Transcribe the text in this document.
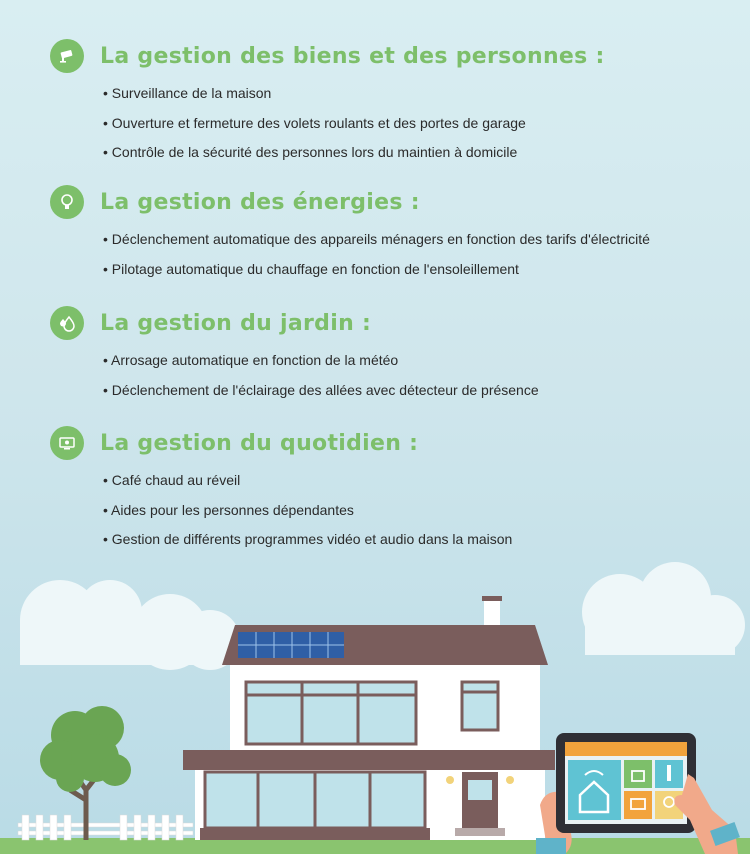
La gestion des biens et des personnes :
• Surveillance de la maison
• Ouverture et fermeture des volets roulants et des portes de garage
• Contrôle de la sécurité des personnes lors du maintien à domicile
La gestion des énergies :
• Déclenchement automatique des appareils ménagers en fonction des tarifs d'électricité
• Pilotage automatique du chauffage en fonction de l'ensoleillement
La gestion du jardin :
• Arrosage automatique en fonction de la météo
• Déclenchement de l'éclairage des allées avec détecteur de présence
La gestion du quotidien :
• Café chaud au réveil
• Aides pour les personnes dépendantes
• Gestion de différents programmes vidéo et audio dans la maison
